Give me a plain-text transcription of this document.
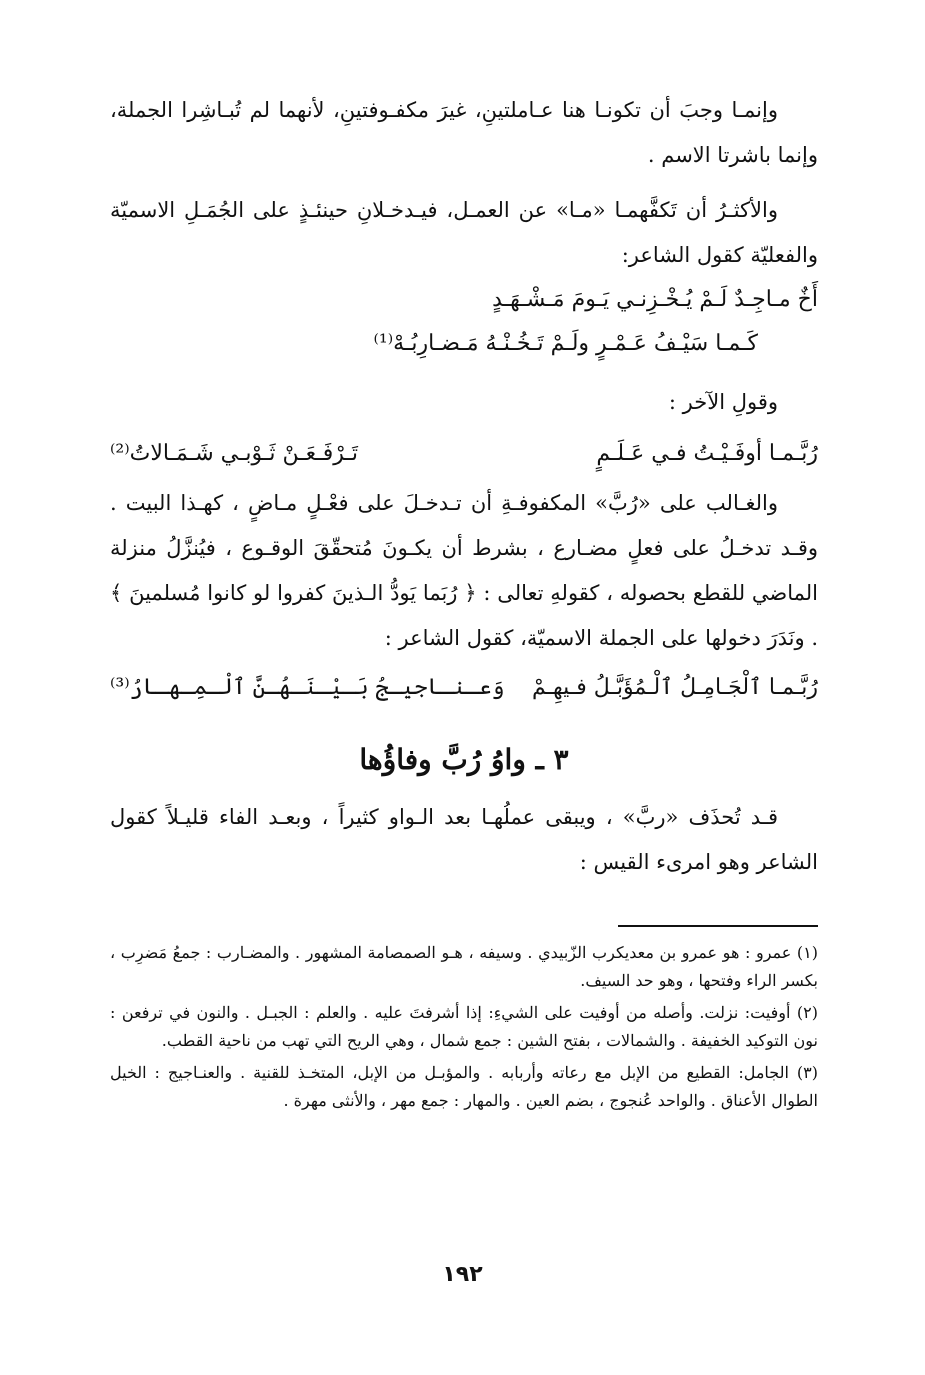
وإنمـا وجبَ أن تكونـا هنا عـاملتينِ، غيرَ مكفـوفتينِ، لأنهما لم تُبـاشِرا الجملة، وإنما باشرتا الاسم .

والأكثـرُ أن تَكفَّهمـا «مـا» عن العمـل، فيـدخـلانِ حينئـذٍ على الجُمَـلِ الاسميّة والفعليّة كقول الشاعر:

أَخٌ مـاجِـدٌ لَـمْ يُـخْـزِنـي يَـومَ مَـشْـهَـدٍ

كَـمـا سَيْـفُ عَـمْـرٍ ولَـمْ تَـخُـنْـهُ مَـضـارِبُـهْ⁽¹⁾

وقولِ الآخر :

رُبَّـمـا أوفَـيْـتُ فـي عَـلَـمٍ
تَـرْفَـعَـنْ ثَـوْبـي شَـمَـالاتُ⁽²⁾

والغـالب على «رُبَّ» المكفوفـةِ أن تـدخـلَ على فعْـلٍ مـاضٍ ، كهـذا البيت . وقـد تدخـلُ على فعلٍ مضـارع ، بشرط أن يكـونَ مُتحقّقَ الوقـوع ، فيُنزَّلُ منزلة الماضي للقطع بحصوله ، كقولهِ تعالى : ﴿ رُبَما يَودُّ الـذينَ كفروا لو كانوا مُسلمينَ ﴾ . ونَدَرَ دخولها على الجملة الاسميّة، كقول الشاعر :

رُبَّـمـا ٱلْجَـامِـلُ ٱلْـمُؤَبَّـلُ فـيهِـمْ
وَعـنـاجيـجُ بَـيْـنَـهُـنَّ ٱلْـمِـهـارُ⁽³⁾
٣ ـ واوُ رُبَّ وفاؤُها

قـد تُحذَف «ربَّ» ، ويبقى عملُهـا بعد الـواو كثيراً ، وبعـد الفاء قليـلاً كقول الشاعر وهو امرىء القيس :

(١) عمرو : هو عمرو بن معديكرب الزّبيدي . وسيفه ، هـو الصمصامة المشهور . والمضـارب : جمعُ مَضرِب ، بكسر الراء وفتحها ، وهو حد السيف.

(٢) أوفيت: نزلت. وأصله من أوفيت على الشيءِ: إذا أشرفتَ عليه . والعلم : الجبـل . والنون في ترفعن : نون التوكيد الخفيفة . والشمالات ، بفتح الشين : جمع شمال ، وهي الريح التي تهب من ناحية القطب.

(٣) الجامل: القطيع من الإبل مع رعاته وأربابه . والمؤبـل من الإبل، المتخـذ للقنية . والعنـاجيج : الخيل الطوال الأعناق . والواحد عُنجوج ، بضم العين . والمهار : جمع مهر ، والأنثى مهرة .

١٩٢
